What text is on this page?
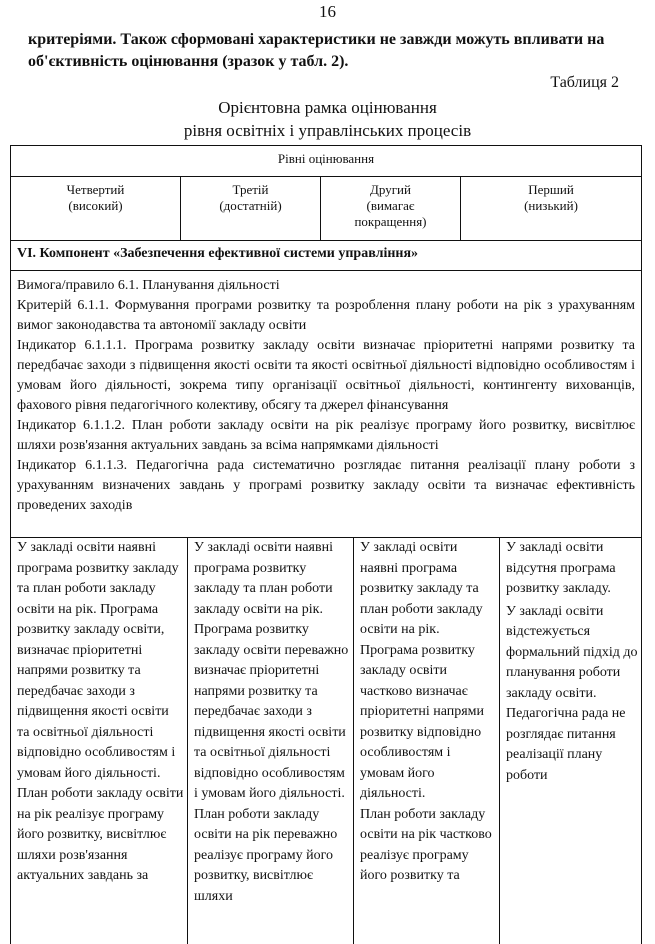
16
критеріями. Також сформовані характеристики не завжди можуть впливати на об'єктивність оцінювання (зразок у табл. 2).
Таблиця 2
Орієнтовна рамка оцінювання
рівня освітніх і управлінських процесів
Рівні оцінювання
Четвертий
(високий)
Третій
(достатній)
Другий
(вимагає покращення)
Перший
(низький)
VI. Компонент «Забезпечення ефективної системи управління»

Вимога/правило 6.1. Планування діяльності

Критерій 6.1.1. Формування програми розвитку та розроблення плану роботи на рік з урахуванням вимог законодавства та автономії закладу освіти

Індикатор 6.1.1.1. Програма розвитку закладу освіти визначає пріоритетні напрями розвитку та передбачає заходи з підвищення якості освіти та якості освітньої діяльності відповідно особливостям і умовам його діяльності, зокрема типу організації освітньої діяльності, контингенту вихованців, фахового рівня педагогічного колективу, обсягу та джерел фінансування

Індикатор 6.1.1.2. План роботи закладу освіти на рік реалізує програму його розвитку, висвітлює шляхи розв'язання актуальних завдань за всіма напрямками діяльності

Індикатор 6.1.1.3. Педагогічна рада систематично розглядає питання реалізації плану роботи з урахуванням визначених завдань у програмі розвитку закладу освіти та визначає ефективність проведених заходів

У закладі освіти наявні програма розвитку закладу та план роботи закладу освіти на рік. Програма розвитку закладу освіти, визначає пріоритетні напрями розвитку та передбачає заходи з підвищення якості освіти та освітньої діяльності відповідно особливостям і умовам його діяльності.

План роботи закладу освіти на рік реалізує програму його розвитку, висвітлює шляхи розв'язання актуальних завдань за

У закладі освіти наявні програма розвитку закладу та план роботи закладу освіти на рік. Програма розвитку закладу освіти переважно визначає пріоритетні напрями розвитку та передбачає заходи з підвищення якості освіти та освітньої діяльності відповідно особливостям і умовам його діяльності. План роботи закладу освіти на рік переважно реалізує програму його розвитку, висвітлює шляхи

У закладі освіти наявні програма розвитку закладу та план роботи закладу освіти на рік. Програма розвитку закладу освіти частково визначає пріоритетні напрями розвитку відповідно особливостям і умовам його діяльності.

План роботи закладу освіти на рік частково реалізує програму його розвитку та

У закладі освіти відсутня програма розвитку закладу.

У закладі освіти відстежується формальний підхід до планування роботи закладу освіти. Педагогічна рада не розглядає питання реалізації плану роботи
